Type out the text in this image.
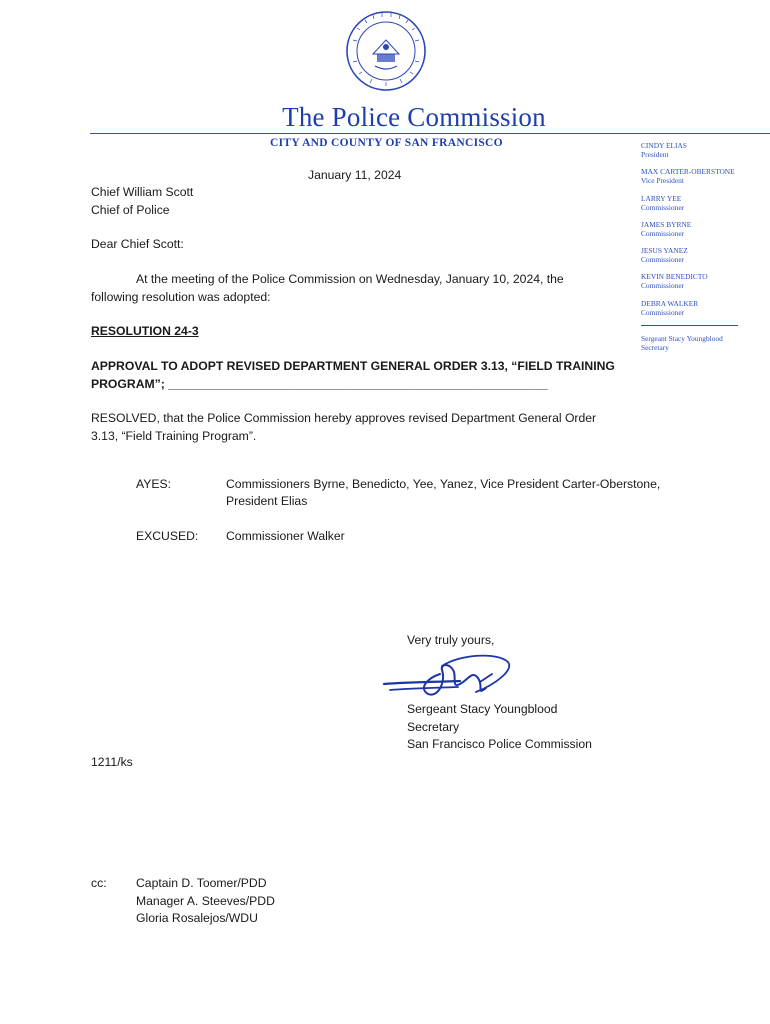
The Police Commission
CITY AND COUNTY OF SAN FRANCISCO	CINDY ELIAS
President
MAX CARTER-OBERSTONE
Vice President
LARRY YEE
Commissioner
JAMES BYRNE
Commissioner
JESUS YANEZ
Commissioner
KEVIN BENEDICTO
Commissioner
DEBRA WALKER
Commissioner
Sergeant Stacy Youngblood
Secretary
January 11, 2024
Chief William Scott
Chief of Police
Dear Chief Scott:
At the meeting of the Police Commission on Wednesday, January 10, 2024, the
following resolution was adopted:
RESOLUTION 24-3
APPROVAL TO ADOPT REVISED DEPARTMENT GENERAL ORDER 3.13, “FIELD TRAINING
PROGRAM”; ________________________________________________________
RESOLVED, that the Police Commission hereby approves revised Department General Order
3.13, “Field Training Program”.
AYES:	Commissioners Byrne, Benedicto, Yee, Yanez, Vice President Carter-Oberstone,
President Elias
EXCUSED: Commissioner Walker
Very truly yours,
Sergeant Stacy Youngblood
Secretary
San Francisco Police Commission
1211/ks
cc: Captain D. Toomer/PDD
Manager A. Steeves/PDD
Gloria Rosalejos/WDU
